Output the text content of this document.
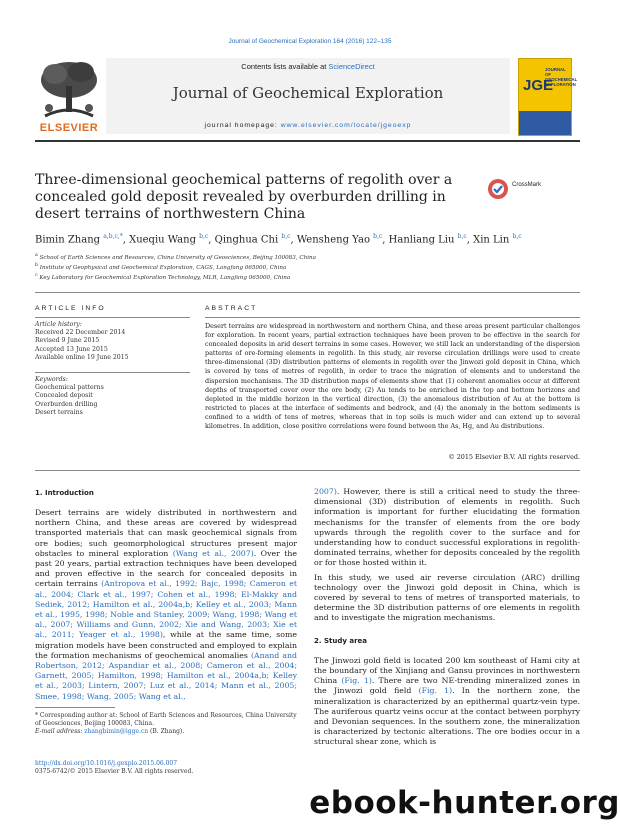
Journal of Geochemical Exploration 164 (2016) 122–135
ELSEVIER
Contents lists available at ScienceDirect
Journal of Geochemical Exploration
journal homepage: www.elsevier.com/locate/jgeoexp
JOURNAL OF GEOCHEMICAL EXPLORATION
JGE
Three-dimensional geochemical patterns of regolith over a concealed gold deposit revealed by overburden drilling in desert terrains of northwestern China
CrossMark
Bimin Zhang $^{a,b,c,*}$, Xueqiu Wang $^{b,c}$, Qinghua Chi $^{b,c}$, Wensheng Yao $^{b,c}$, Hanliang Liu $^{b,c}$, Xin Lin $^{b,c}$
$^a$ School of Earth Sciences and Resources, China University of Geosciences, Beijing 100083, China
$^b$ Institute of Geophysical and Geochemical Exploration, CAGS, Langfang 065000, China
$^c$ Key Laboratory for Geochemical Exploration Technology, MLR, Langfang 065000, China
ARTICLE INFO
Article history:
Received 22 December 2014
Revised 9 June 2015
Accepted 13 June 2015
Available online 19 June 2015
Keywords:
Geochemical patterns
Concealed deposit
Overburden drilling
Desert terrains
ABSTRACT
Desert terrains are widespread in northwestern and northern China, and these areas present particular challenges for exploration. In recent years, partial extraction techniques have been proven to be effective in the search for concealed deposits in arid desert terrains in some cases. However, we still lack an understanding of the dispersion patterns of ore-forming elements in regolith. In this study, air reverse circulation drillings were used to create three-dimensional (3D) distribution patterns of elements in regolith over the Jinwozi gold deposit in China, which is covered by tens of metres of regolith, in order to trace the migration of elements and to understand the dispersion mechanisms. The 3D distribution maps of elements show that (1) coherent anomalies occur at different depths of transported cover over the ore body, (2) Au tends to be enriched in the top and bottom horizons and depleted in the middle horizon in the vertical direction, (3) the anomalous distribution of Au at the bottom is restricted to places at the interface of sediments and bedrock, and (4) the anomaly in the bottom sediments is confined to a width of tens of metres, whereas that in top soils is much wider and can extend up to several kilometres. In addition, close positive correlations were found between the As, Hg, and Au distributions.
© 2015 Elsevier B.V. All rights reserved.
1. Introduction
Desert terrains are widely distributed in northwestern and northern China, and these areas are covered by widespread transported materials that can mask geochemical signals from ore bodies; such geomorphological structures present major obstacles to mineral exploration (Wang et al., 2007). Over the past 20 years, partial extraction techniques have been developed and proven effective in the search for concealed deposits in certain terrains (Antropova et al., 1992; Bajc, 1998; Cameron et al., 2004; Clark et al., 1997; Cohen et al., 1998; El-Makky and Sediek, 2012; Hamilton et al., 2004a,b; Kelley et al., 2003; Mann et al., 1995, 1998; Noble and Stanley, 2009; Wang, 1998; Wang et al., 2007; Williams and Gunn, 2002; Xie and Wang, 2003; Xie et al., 2011; Yeager et al., 1998), while at the same time, some migration models have been constructed and employed to explain the formation mechanisms of geochemical anomalies (Anand and Robertson, 2012; Aspandiar et al., 2008; Cameron et al., 2004; Garnett, 2005; Hamilton, 1998; Hamilton et al., 2004a,b; Kelley et al., 2003; Lintern, 2007; Luz et al., 2014; Mann et al., 2005; Smee, 1998; Wang, 2005; Wang et al.,
2007). However, there is still a critical need to study the three-dimensional (3D) distribution of elements in regolith. Such information is important for further elucidating the formation mechanisms for the transfer of elements from the ore body upwards through the regolith cover to the surface and for understanding how to conduct successful explorations in regolith-dominated terrains, whether for deposits concealed by the regolith or for those hosted within it.
In this study, we used air reverse circulation (ARC) drilling technology over the Jinwozi gold deposit in China, which is covered by several to tens of metres of transported materials, to determine the 3D distribution patterns of ore elements in regolith and to investigate the migration mechanisms.
2. Study area
The Jinwozi gold field is located 200 km southeast of Hami city at the boundary of the Xinjiang and Gansu provinces in northwestern China (Fig. 1). There are two NE-trending mineralized zones in the Jinwozi gold field (Fig. 1). In the northern zone, the mineralization is characterized by an epithermal quartz-vein type. The auriferous quartz veins occur at the contact between porphyry and Devonian sequences. In the southern zone, the mineralization is characterized by tectonic alterations. The ore bodies occur in a structural shear zone, which is
* Corresponding author at: School of Earth Sciences and Resources, China University of Geosciences, Beijing 100083, China.
E-mail address: zhangbimin@igge.cn (B. Zhang).
http://dx.doi.org/10.1016/j.gexplo.2015.06.007
0375-6742/© 2015 Elsevier B.V. All rights reserved.
ebook-hunter.org
